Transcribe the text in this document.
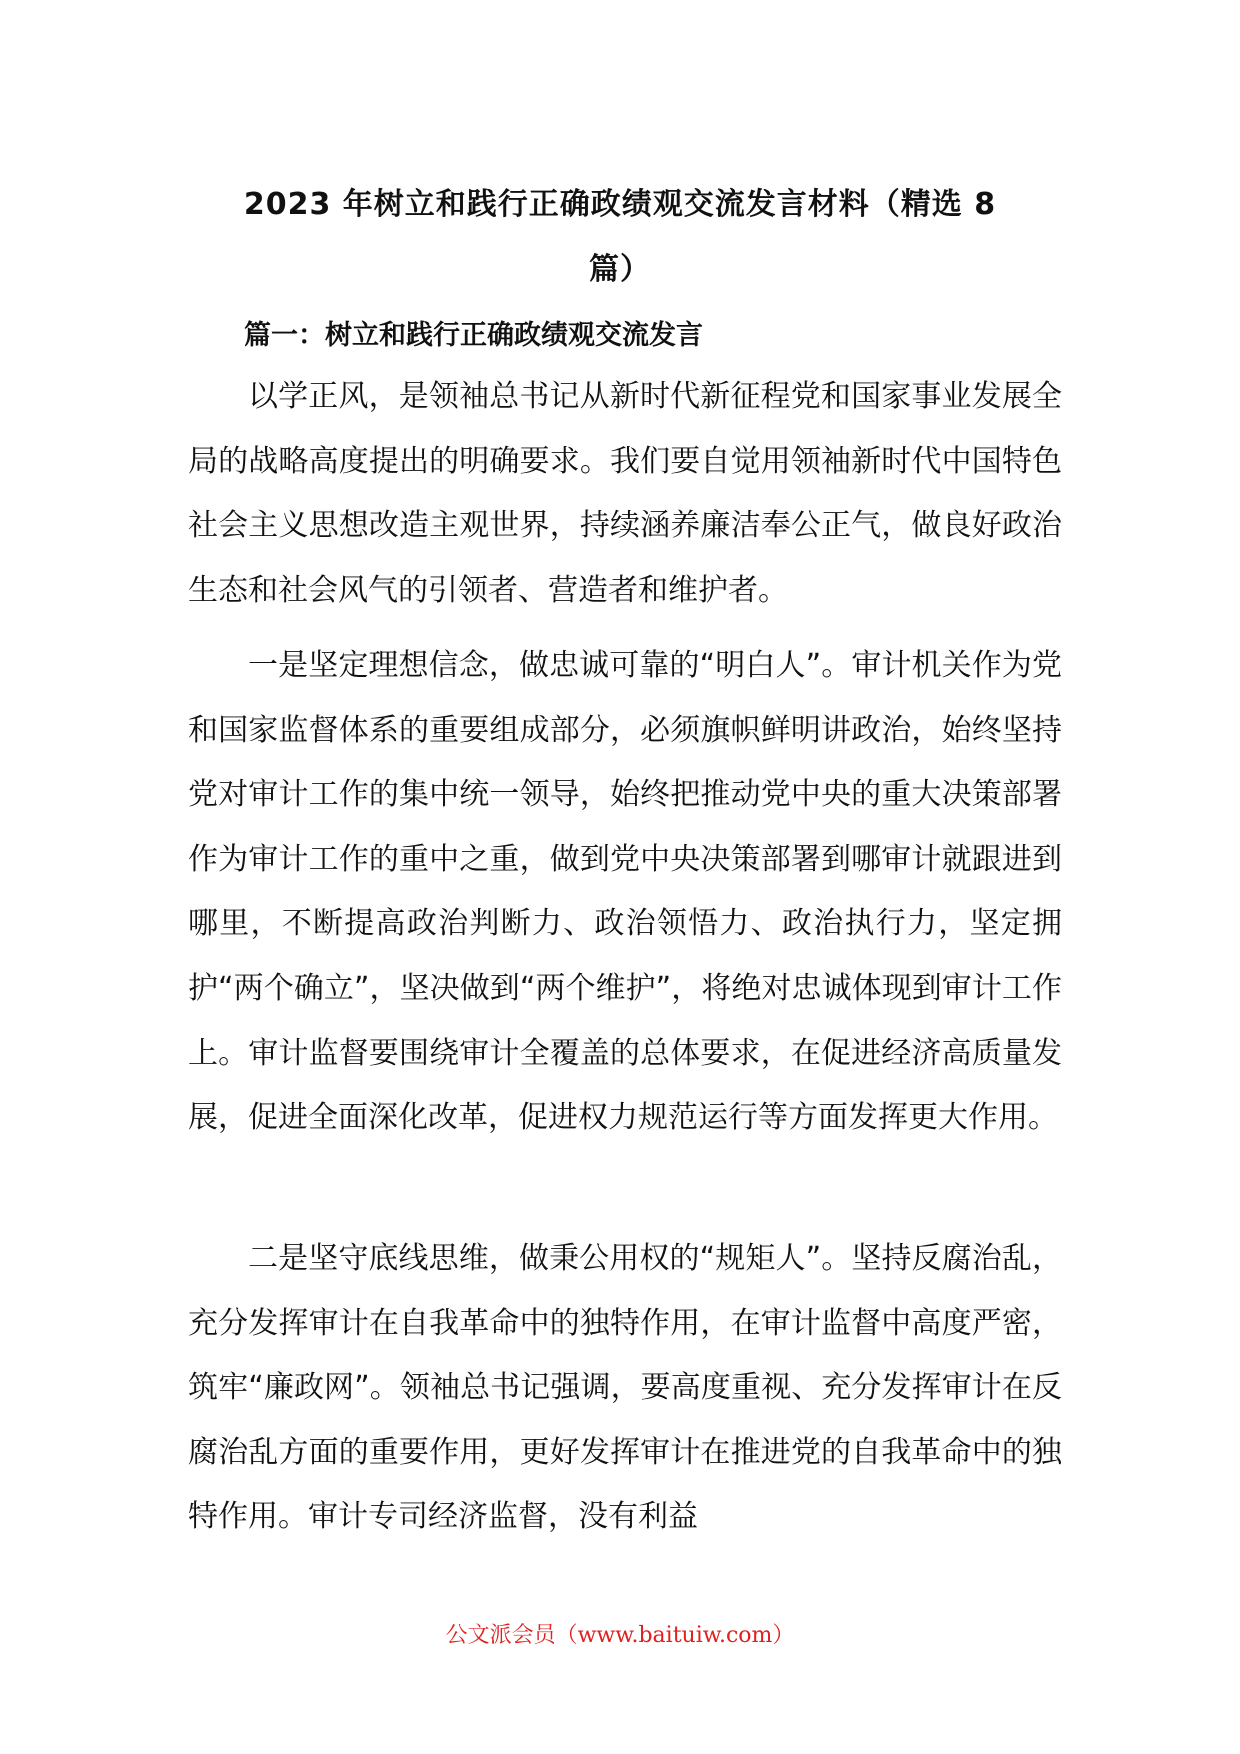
2023 年树立和践行正确政绩观交流发言材料（精选 8
篇）
篇一：树立和践行正确政绩观交流发言

以学正风，是领袖总书记从新时代新征程党和国家事业发展全局的战略高度提出的明确要求。我们要自觉用领袖新时代中国特色社会主义思想改造主观世界，持续涵养廉洁奉公正气，做良好政治生态和社会风气的引领者、营造者和维护者。

一是坚定理想信念，做忠诚可靠的“明白人”。审计机关作为党和国家监督体系的重要组成部分，必须旗帜鲜明讲政治，始终坚持党对审计工作的集中统一领导，始终把推动党中央的重大决策部署作为审计工作的重中之重，做到党中央决策部署到哪审计就跟进到哪里，不断提高政治判断力、政治领悟力、政治执行力，坚定拥护“两个确立”，坚决做到“两个维护”，将绝对忠诚体现到审计工作上。审计监督要围绕审计全覆盖的总体要求，在促进经济高质量发展，促进全面深化改革，促进权力规范运行等方面发挥更大作用。

二是坚守底线思维，做秉公用权的“规矩人”。坚持反腐治乱，充分发挥审计在自我革命中的独特作用，在审计监督中高度严密，筑牢“廉政网”。领袖总书记强调，要高度重视、充分发挥审计在反腐治乱方面的重要作用，更好发挥审计在推进党的自我革命中的独特作用。审计专司经济监督，没有利益

公文派会员（www.baituiw.com）
